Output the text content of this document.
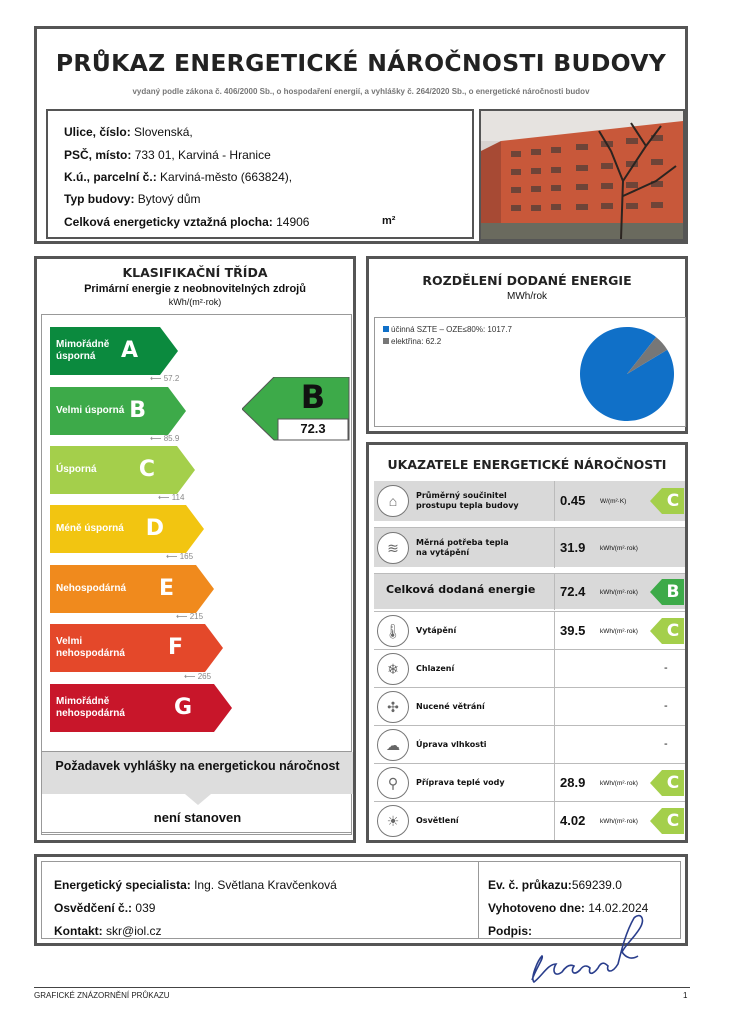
PRŮKAZ ENERGETICKÉ NÁROČNOSTI BUDOVY
vydaný podle zákona č. 406/2000 Sb., o hospodaření energií, a vyhlášky č. 264/2020 Sb., o energetické náročnosti budov
Ulice, číslo: Slovenská,
PSČ, místo: 733 01, Karviná - Hranice
K.ú., parcelní č.: Karviná-město (663824),
Typ budovy: Bytový dům
Celková energeticky vztažná plocha: 14906	m²
KLASIFIKAČNÍ TŘÍDA
Primární energie z neobnovitelných zdrojů
kWh/(m²·rok)
Mimořádně úsporná	A
⟵ 57.2
Velmi úsporná B
⟵ 85.9
Úsporná C
⟵ 114
Méně úsporná D
⟵ 165
Nehospodárná E
⟵ 215
Velmi nehospodárná F
⟵ 265
Mimořádně nehospodárná	G
B
72.3
Požadavek vyhlášky na energetickou náročnost
není stanoven
ROZDĚLENÍ DODANÉ ENERGIE
MWh/rok
účinná SZTE – OZE≤80%: 1017.7
elektřina: 62.2
UKAZATELE ENERGETICKÉ NÁROČNOSTI
⌂	Průměrný součinitel
prostupu tepla budovy	0.45 W/(m²·K) C
≋	Měrná potřeba tepla
na vytápění	31.9 kWh/(m²·rok)
Celková dodaná energie 72.4 kWh/(m²·rok) B
🌡	Vytápění	39.5 kWh/(m²·rok) C
❄	Chlazení	-
✣	Nucené větrání	-
☁	Úprava vlhkosti	-
⚲	Příprava teplé vody	28.9 kWh/(m²·rok) C
☀	Osvětlení	4.02 kWh/(m²·rok) C
Energetický specialista: Ing. Světlana Kravčenková
Osvědčení č.: 039
Kontakt: skr@iol.cz
Ev. č. průkazu:569239.0
Vyhotoveno dne: 14.02.2024
Podpis:
GRAFICKÉ ZNÁZORNĚNÍ PRŮKAZU	1
